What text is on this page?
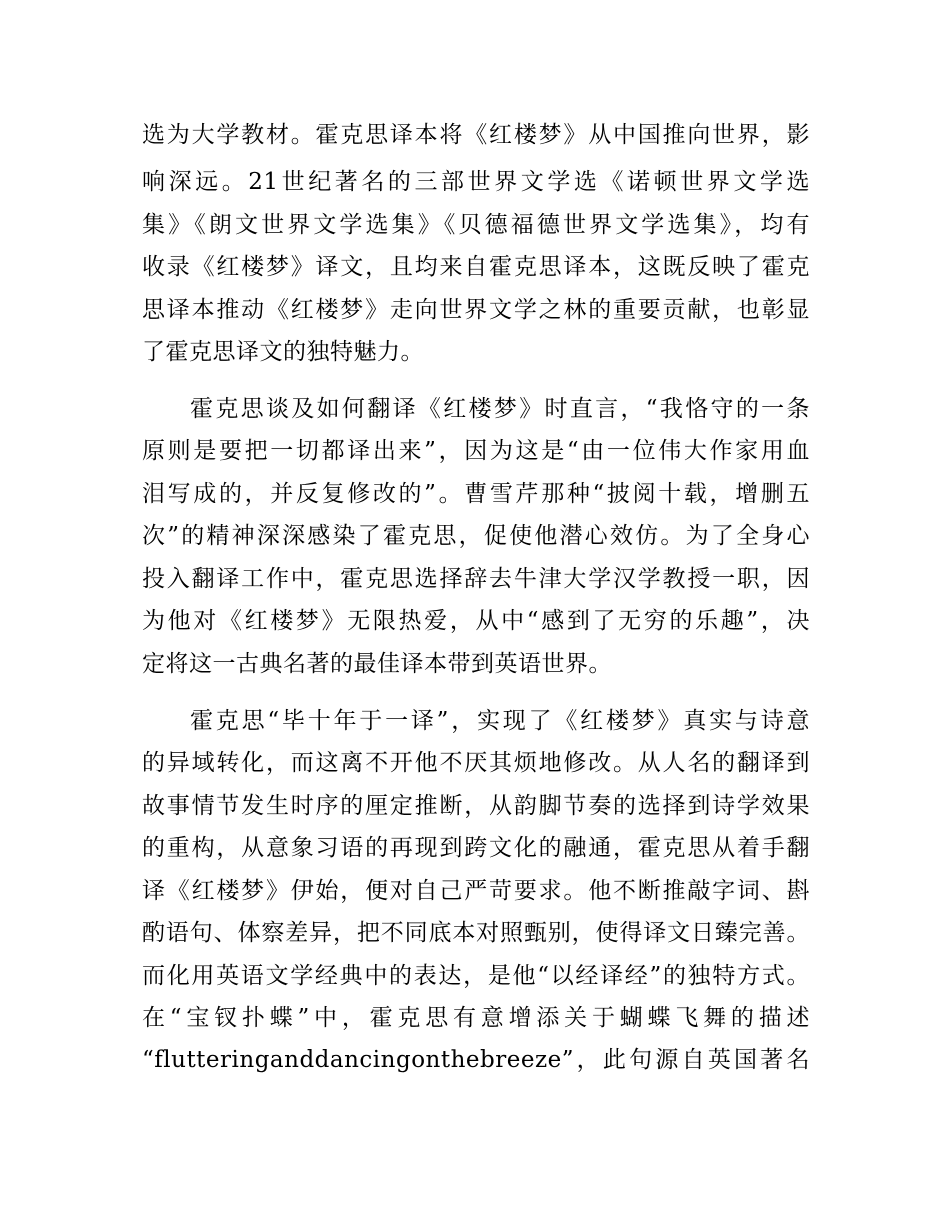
选为大学教材。霍克思译本将《红楼梦》从中国推向世界，影
响深远。21世纪著名的三部世界文学选《诺顿世界文学选
集》《朗文世界文学选集》《贝德福德世界文学选集》，均有
收录《红楼梦》译文，且均来自霍克思译本，这既反映了霍克
思译本推动《红楼梦》走向世界文学之林的重要贡献，也彰显
了霍克思译文的独特魅力。
霍克思谈及如何翻译《红楼梦》时直言，“我恪守的一条
原则是要把一切都译出来”，因为这是“由一位伟大作家用血
泪写成的，并反复修改的”。曹雪芹那种“披阅十载，增删五
次”的精神深深感染了霍克思，促使他潜心效仿。为了全身心
投入翻译工作中，霍克思选择辞去牛津大学汉学教授一职，因
为他对《红楼梦》无限热爱，从中“感到了无穷的乐趣”，决
定将这一古典名著的最佳译本带到英语世界。
霍克思“毕十年于一译”，实现了《红楼梦》真实与诗意
的异域转化，而这离不开他不厌其烦地修改。从人名的翻译到
故事情节发生时序的厘定推断，从韵脚节奏的选择到诗学效果
的重构，从意象习语的再现到跨文化的融通，霍克思从着手翻
译《红楼梦》伊始，便对自己严苛要求。他不断推敲字词、斟
酌语句、体察差异，把不同底本对照甄别，使得译文日臻完善。
而化用英语文学经典中的表达，是他“以经译经”的独特方式。
在“宝钗扑蝶”中，霍克思有意增添关于蝴蝶飞舞的描述
“flutteringanddancingonthebreeze”，此句源自英国著名
